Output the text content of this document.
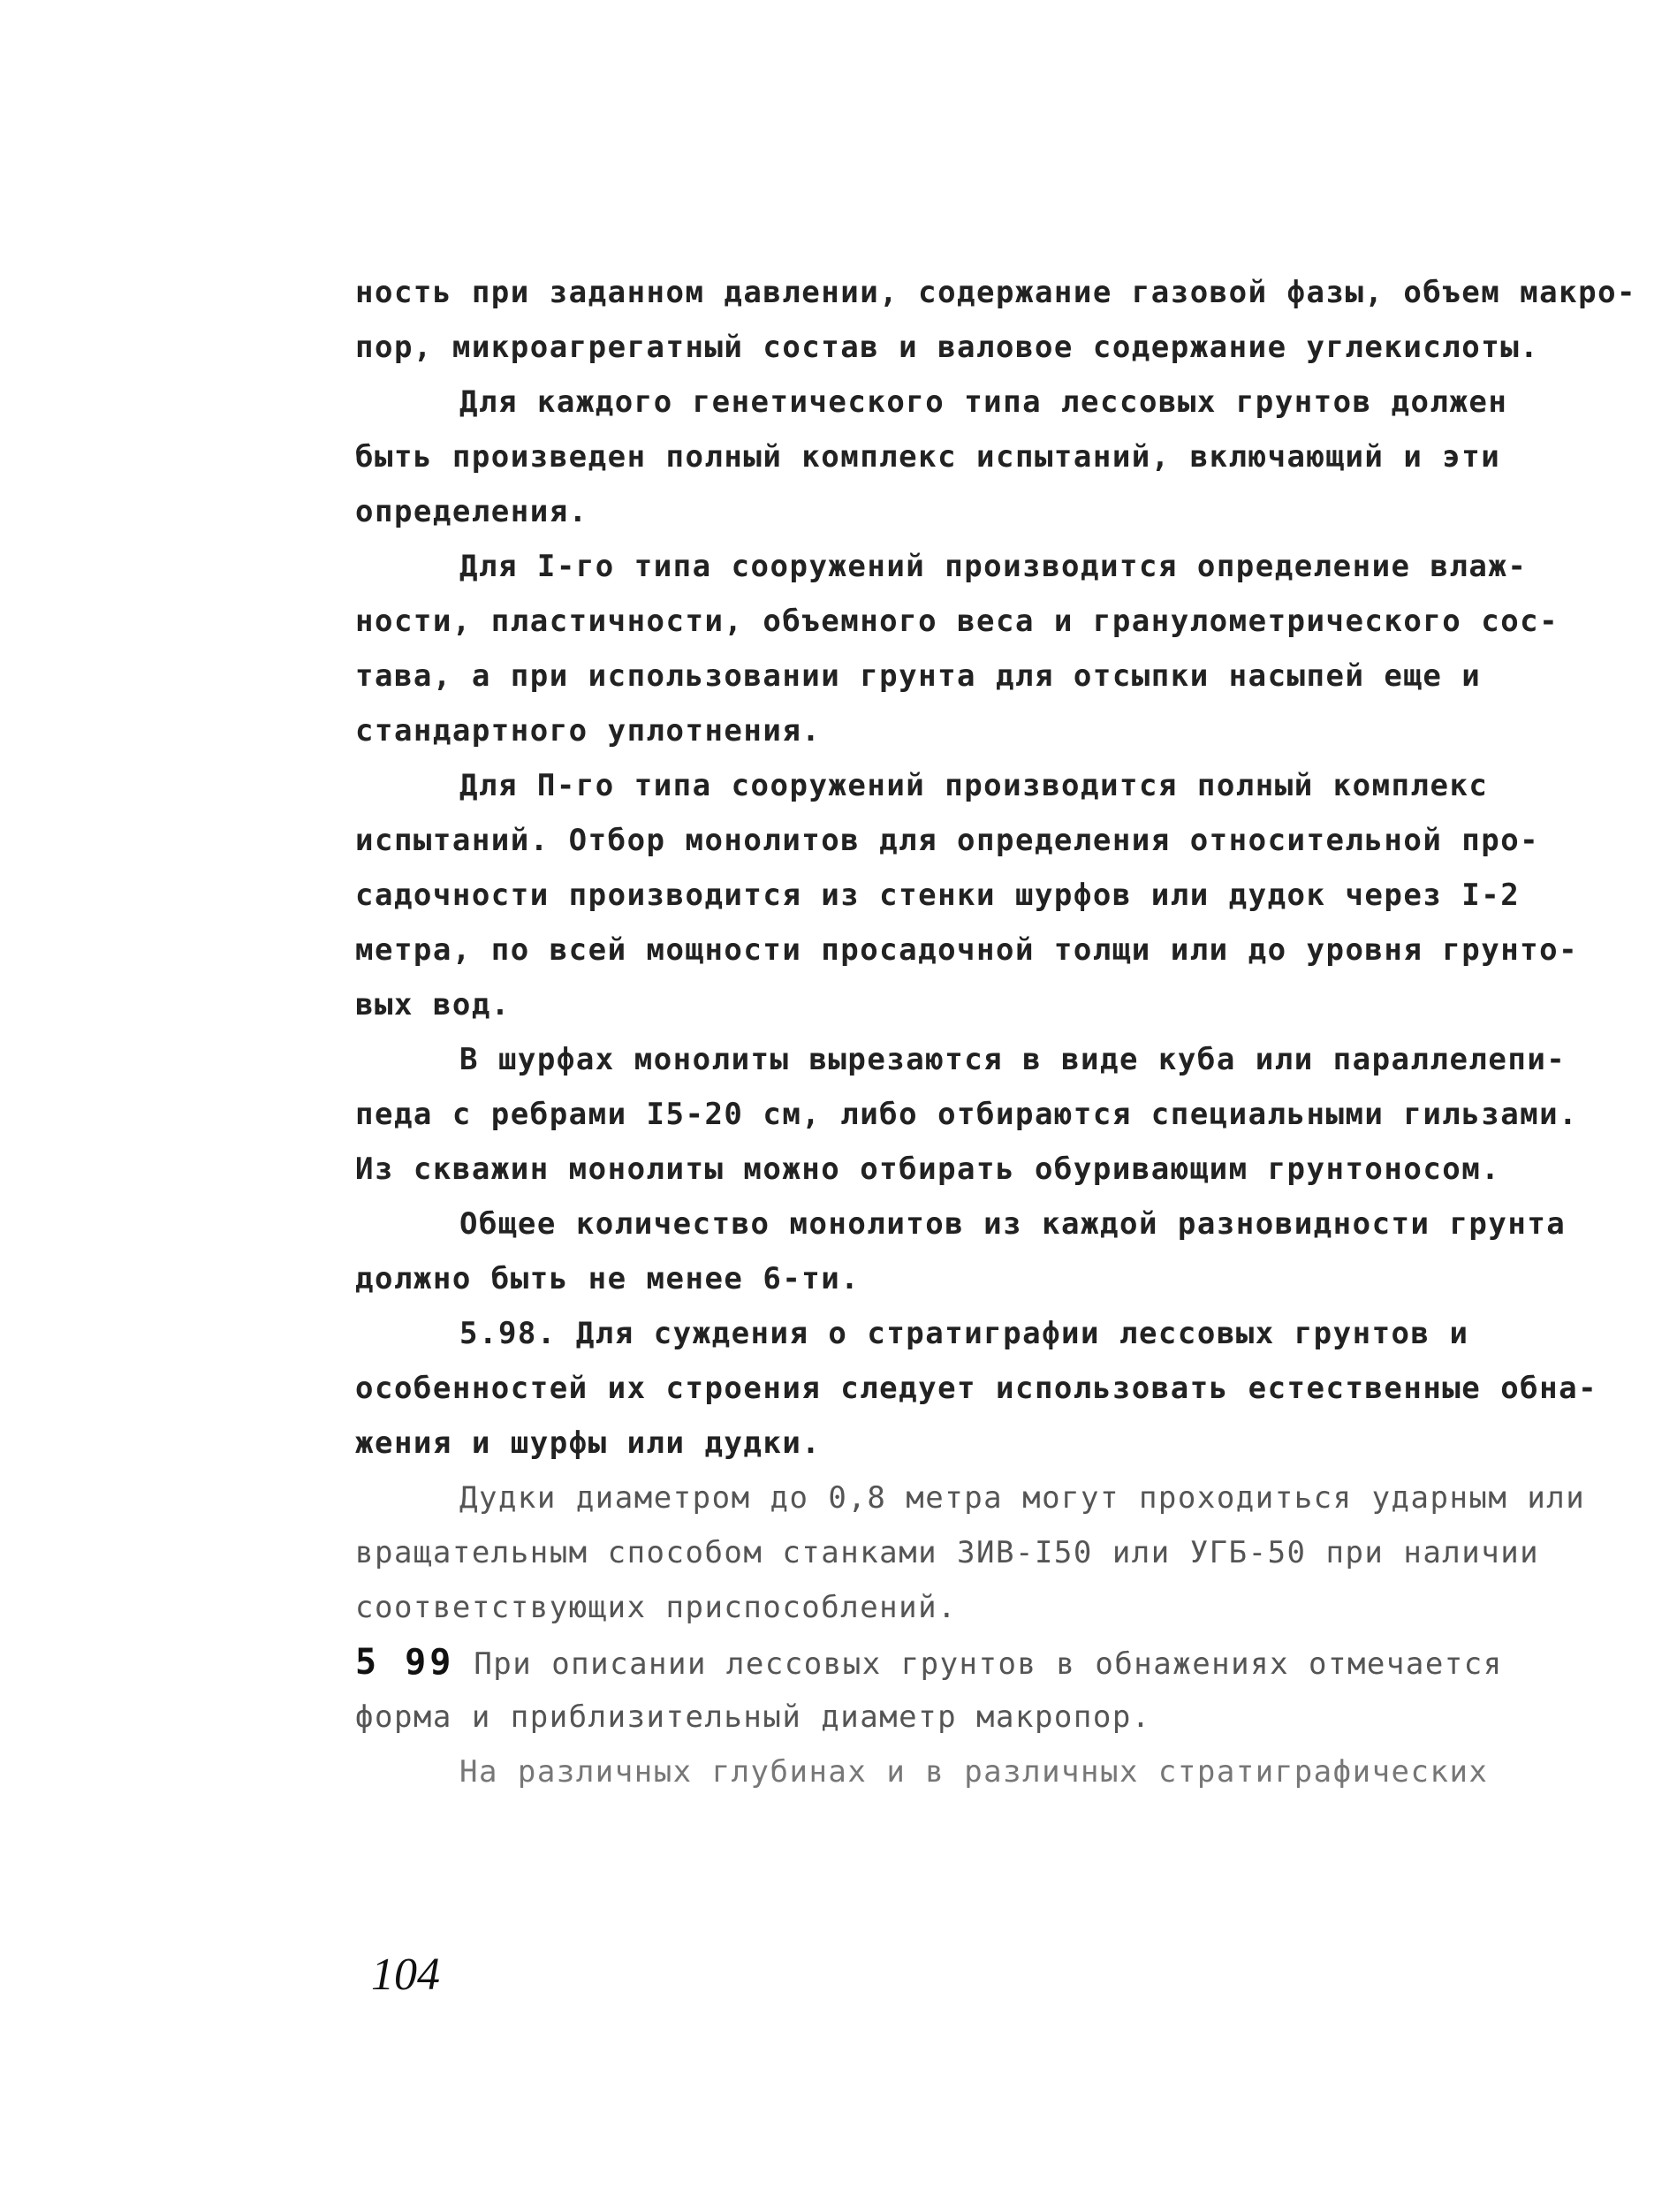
ность при заданном давлении, содержание газовой фазы, объем макро-
пор, микроагрегатный состав и валовое содержание углекислоты.
Для каждого генетического типа лессовых грунтов должен
быть произведен полный комплекс испытаний, включающий и эти
определения.
Для I-го типа сооружений производится определение влаж-
ности, пластичности, объемного веса и гранулометрического сос-
тава, а при использовании грунта для отсыпки насыпей еще и
стандартного уплотнения.
Для П-го типа сооружений производится полный комплекс
испытаний. Отбор монолитов для определения относительной про-
садочности производится из стенки шурфов или дудок через I-2
метра, по всей мощности просадочной толщи или до уровня грунто-
вых вод.
В шурфах монолиты вырезаются в виде куба или параллелепи-
педа с ребрами I5-20 см, либо отбираются специальными гильзами.
Из скважин монолиты можно отбирать обуривающим грунтоносом.
Общее количество монолитов из каждой разновидности грунта
должно быть не менее 6-ти.
5.98. Для суждения о стратиграфии лессовых грунтов и
особенностей их строения следует использовать естественные обна-
жения и шурфы или дудки.
Дудки диаметром до 0,8 метра могут проходиться ударным или
вращательным способом станками ЗИВ-I50 или УГБ-50 при наличии
соответствующих приспособлений.
5 99 При описании лессовых грунтов в обнажениях отмечается
форма и приблизительный диаметр макропор.
На различных глубинах и в различных стратиграфических
104
